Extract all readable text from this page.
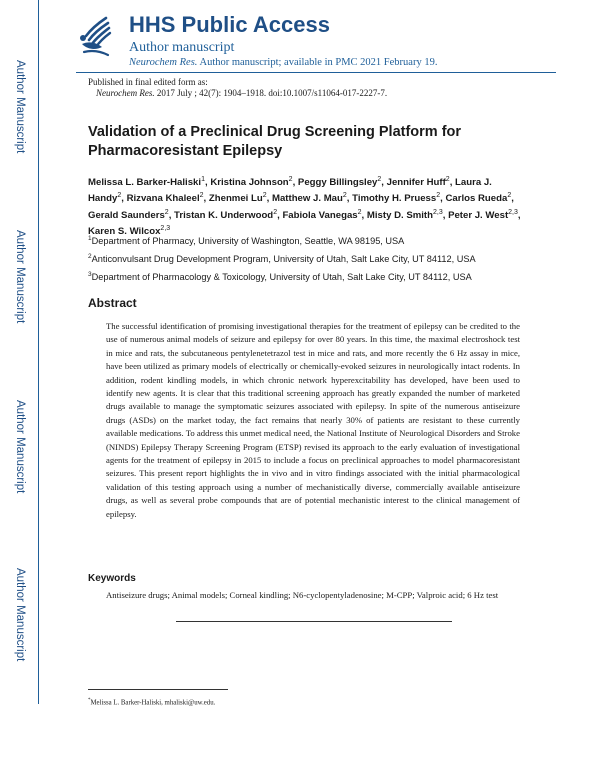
Author Manuscript
Author Manuscript
Author Manuscript
Author Manuscript
HHS Public Access
Author manuscript
Neurochem Res. Author manuscript; available in PMC 2021 February 19.
Published in final edited form as:
Neurochem Res. 2017 July ; 42(7): 1904–1918. doi:10.1007/s11064-017-2227-7.
Validation of a Preclinical Drug Screening Platform for Pharmacoresistant Epilepsy
Melissa L. Barker-Haliski$^1$, Kristina Johnson$^2$, Peggy Billingsley$^2$, Jennifer Huff$^2$, Laura J. Handy$^2$, Rizvana Khaleel$^2$, Zhenmei Lu$^2$, Matthew J. Mau$^2$, Timothy H. Pruess$^2$, Carlos Rueda$^2$, Gerald Saunders$^2$, Tristan K. Underwood$^2$, Fabiola Vanegas$^2$, Misty D. Smith$^{2,3}$, Peter J. West$^{2,3}$, Karen S. Wilcox$^{2,3}$
$^1$Department of Pharmacy, University of Washington, Seattle, WA 98195, USA
$^2$Anticonvulsant Drug Development Program, University of Utah, Salt Lake City, UT 84112, USA
$^3$Department of Pharmacology & Toxicology, University of Utah, Salt Lake City, UT 84112, USA
Abstract

The successful identification of promising investigational therapies for the treatment of epilepsy can be credited to the use of numerous animal models of seizure and epilepsy for over 80 years. In this time, the maximal electroshock test in mice and rats, the subcutaneous pentylenetetrazol test in mice and rats, and more recently the 6 Hz assay in mice, have been utilized as primary models of electrically or chemically-evoked seizures in neurologically intact rodents. In addition, rodent kindling models, in which chronic network hyperexcitability has developed, have been used to identify new agents. It is clear that this traditional screening approach has greatly expanded the number of marketed drugs available to manage the symptomatic seizures associated with epilepsy. In spite of the numerous antiseizure drugs (ASDs) on the market today, the fact remains that nearly 30% of patients are resistant to these currently available medications. To address this unmet medical need, the National Institute of Neurological Disorders and Stroke (NINDS) Epilepsy Therapy Screening Program (ETSP) revised its approach to the early evaluation of investigational agents for the treatment of epilepsy in 2015 to include a focus on preclinical approaches to model pharmacoresistant seizures. This present report highlights the in vivo and in vitro findings associated with the initial pharmacological validation of this testing approach using a number of mechanistically diverse, commercially available antiseizure drugs, as well as several probe compounds that are of potential mechanistic interest to the clinical management of epilepsy.

Keywords

Antiseizure drugs; Animal models; Corneal kindling; N6-cyclopentyladenosine; M-CPP; Valproic acid; 6 Hz test

*Melissa L. Barker-Haliski, mhaliski@uw.edu.
